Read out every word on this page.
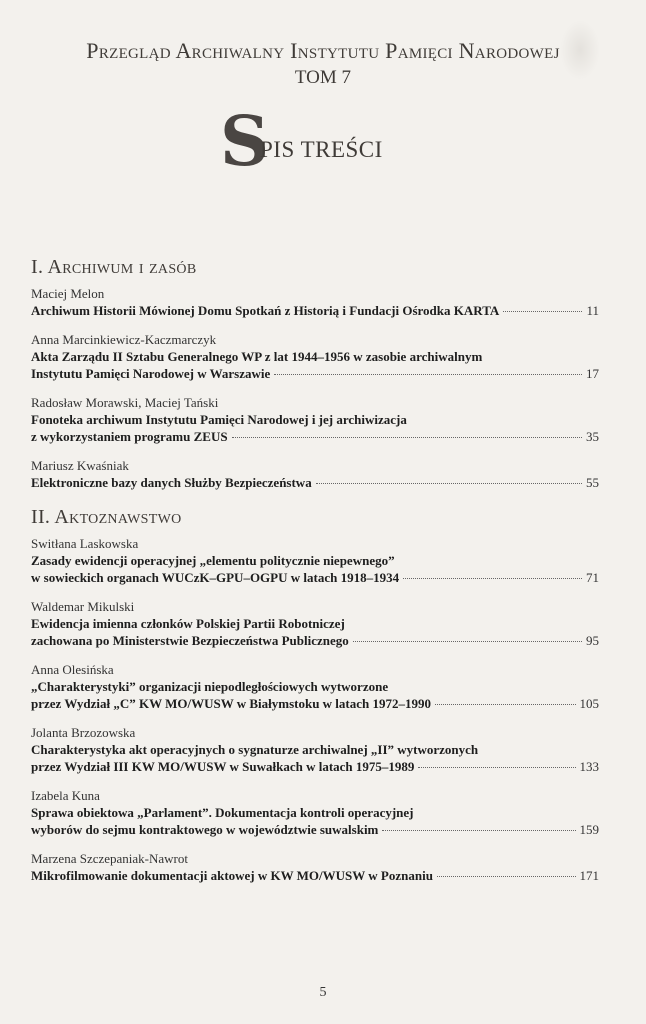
Przegląd Archiwalny Instytutu Pamięci Narodowej
TOM 7
S
PIS TREŚCI
I. Archiwum i zasób
Maciej Melon
Archiwum Historii Mówionej Domu Spotkań z Historią i Fundacji Ośrodka KARTA	11
Anna Marcinkiewicz-Kaczmarczyk
Akta Zarządu II Sztabu Generalnego WP z lat 1944–1956 w zasobie archiwalnym
Instytutu Pamięci Narodowej w Warszawie	17
Radosław Morawski, Maciej Tański
Fonoteka archiwum Instytutu Pamięci Narodowej i jej archiwizacja
z wykorzystaniem programu ZEUS	35
Mariusz Kwaśniak
Elektroniczne bazy danych Służby Bezpieczeństwa	55
II. Aktoznawstwo
Switłana Laskowska
Zasady ewidencji operacyjnej „elementu politycznie niepewnego”
w sowieckich organach WUCzK–GPU–OGPU w latach 1918–1934	71
Waldemar Mikulski
Ewidencja imienna członków Polskiej Partii Robotniczej
zachowana po Ministerstwie Bezpieczeństwa Publicznego	95
Anna Olesińska
„Charakterystyki” organizacji niepodległościowych wytworzone
przez Wydział „C” KW MO/WUSW w Białymstoku w latach 1972–1990	105
Jolanta Brzozowska
Charakterystyka akt operacyjnych o sygnaturze archiwalnej „II” wytworzonych
przez Wydział III KW MO/WUSW w Suwałkach w latach 1975–1989	133
Izabela Kuna
Sprawa obiektowa „Parlament”. Dokumentacja kontroli operacyjnej
wyborów do sejmu kontraktowego w województwie suwalskim	159
Marzena Szczepaniak-Nawrot
Mikrofilmowanie dokumentacji aktowej w KW MO/WUSW w Poznaniu	171
5
